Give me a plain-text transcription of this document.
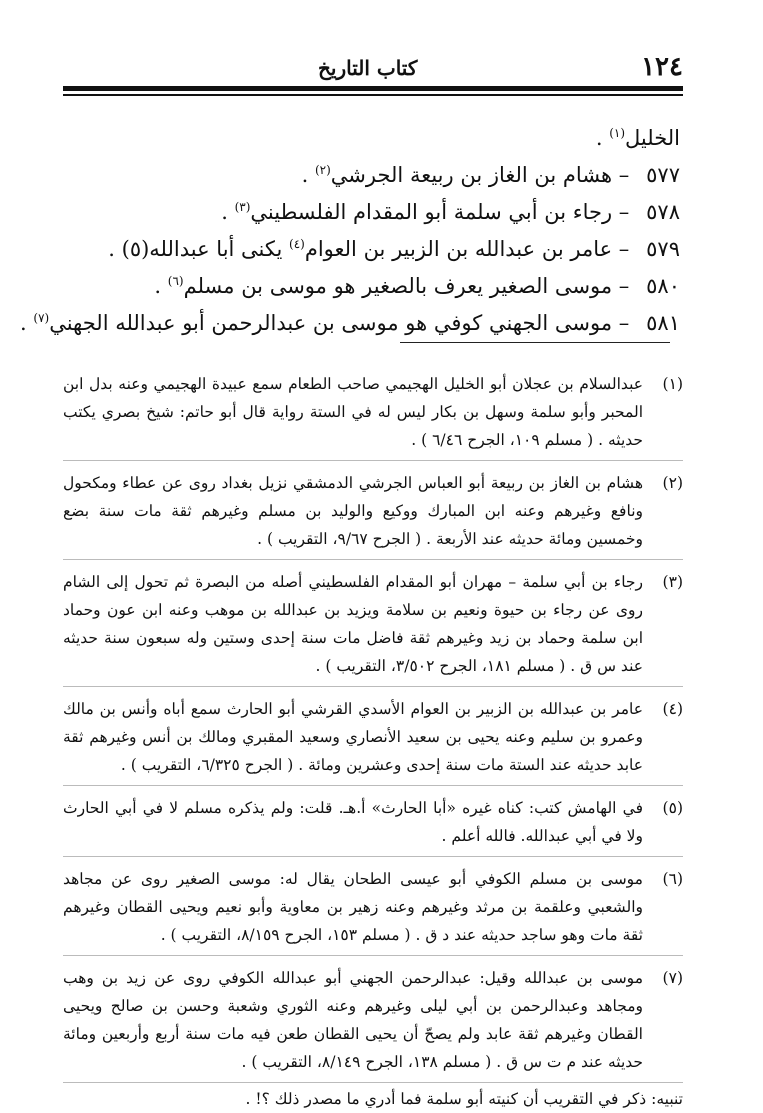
كتاب التاريخ	١٢٤
الخليل$^{(١)}$ .
٥٧٧ – هشام بن الغاز بن ربيعة الجرشي$^{(٢)}$ .
٥٧٨ – رجاء بن أبي سلمة أبو المقدام الفلسطيني$^{(٣)}$ .
٥٧٩ – عامر بن عبدالله بن الزبير بن العوام$^{(٤)}$ يكنى أبا عبدالله(٥) .
٥٨٠ – موسى الصغير يعرف بالصغير هو موسى بن مسلم$^{(٦)}$ .
٥٨١ – موسى الجهني كوفي هو موسى بن عبدالرحمن أبو عبدالله الجهني$^{(٧)}$ .
(١)
عبدالسلام بن عجلان أبو الخليل الهجيمي صاحب الطعام سمع عبيدة الهجيمي وعنه بدل ابن المحبر وأبو سلمة وسهل بن بكار ليس له في الستة رواية قال أبو حاتم: شيخ بصري يكتب حديثه . ( مسلم ١٠٩، الجرح ٦/٤٦ ) .
(٢)
هشام بن الغاز بن ربيعة أبو العباس الجرشي الدمشقي نزيل بغداد روى عن عطاء ومكحول ونافع وغيرهم وعنه ابن المبارك ووكيع والوليد بن مسلم وغيرهم ثقة مات سنة بضع وخمسين ومائة حديثه عند الأربعة . ( الجرح ٩/٦٧، التقريب ) .
(٣)
رجاء بن أبي سلمة – مهران أبو المقدام الفلسطيني أصله من البصرة ثم تحول إلى الشام روى عن رجاء بن حيوة ونعيم بن سلامة ويزيد بن عبدالله بن موهب وعنه ابن عون وحماد ابن سلمة وحماد بن زيد وغيرهم ثقة فاضل مات سنة إحدى وستين وله سبعون سنة حديثه عند س ق . ( مسلم ١٨١، الجرح ٣/٥٠٢، التقريب ) .
(٤)
عامر بن عبدالله بن الزبير بن العوام الأسدي القرشي أبو الحارث سمع أباه وأنس بن مالك وعمرو بن سليم وعنه يحيى بن سعيد الأنصاري وسعيد المقبري ومالك بن أنس وغيرهم ثقة عابد حديثه عند الستة مات سنة إحدى وعشرين ومائة . ( الجرح ٦/٣٢٥، التقريب ) .
(٥)
في الهامش كتب: كناه غيره «أبا الحارث» أ.هـ. قلت: ولم يذكره مسلم لا في أبي الحارث ولا في أبي عبدالله. فالله أعلم .
(٦)
موسى بن مسلم الكوفي أبو عيسى الطحان يقال له: موسى الصغير روى عن مجاهد والشعبي وعلقمة بن مرثد وغيرهم وعنه زهير بن معاوية وأبو نعيم ويحيى القطان وغيرهم ثقة مات وهو ساجد حديثه عند د ق . ( مسلم ١٥٣، الجرح ٨/١٥٩، التقريب ) .
(٧)
موسى بن عبدالله وقيل: عبدالرحمن الجهني أبو عبدالله الكوفي روى عن زيد بن وهب ومجاهد وعبدالرحمن بن أبي ليلى وغيرهم وعنه الثوري وشعبة وحسن بن صالح ويحيى القطان وغيرهم ثقة عابد ولم يصحّ أن يحيى القطان طعن فيه مات سنة أربع وأربعين ومائة حديثه عند م ت س ق . ( مسلم ١٣٨، الجرح ٨/١٤٩، التقريب ) .
تنبيه: ذكر في التقريب أن كنيته أبو سلمة فما أدري ما مصدر ذلك ؟! .
